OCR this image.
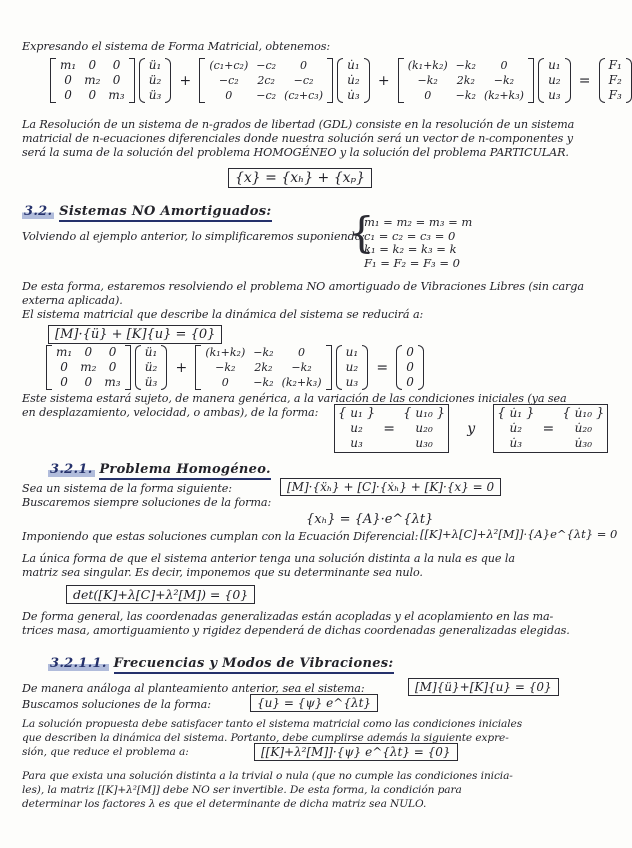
Expresando el sistema de Forma Matricial, obtenemos:
m₁	0	0
0	m₂	0
0	0	m₃

ü₁
ü₂
ü₃
+
(c₁+c₂) −c₂	0
−c₂	2c₂	−c₂
0	−c₂ (c₂+c₃)

u̇₁
u̇₂
u̇₃
+
(k₁+k₂) −k₂	0
−k₂	2k₂	−k₂
0	−k₂ (k₂+k₃)

u₁
u₂
u₃
=
F₁
F₂
F₃
La Resolución de un sistema de n-grados de libertad (GDL) consiste en la resolución de un sistema
matricial de n-ecuaciones diferenciales donde nuestra solución será un vector de n-componentes y
será la suma de la solución del problema HOMOGÉNEO y la solución del problema PARTICULAR.
{x} = {xₕ} + {xₚ}
3.2. Sistemas NO Amortiguados:
Volviendo al ejemplo anterior, lo simplificaremos suponiendo:
{
m₁ = m₂ = m₃ = m
c₁ = c₂ = c₃ = 0
k₁ = k₂ = k₃ = k
F₁ = F₂ = F₃ = 0
De esta forma, estaremos resolviendo el problema NO amortiguado de Vibraciones Libres (sin carga
externa aplicada).
El sistema matricial que describe la dinámica del sistema se reducirá a:
[M]·{ü} + [K]{u} = {0}
m₁	0	0
0	m₂	0
0	0	m₃

ü₁
ü₂
ü₃
+
(k₁+k₂) −k₂	0
−k₂	2k₂	−k₂
0	−k₂ (k₂+k₃)

u₁
u₂
u₃
=
0
0
0
Este sistema estará sujeto, de manera genérica, a la variación de las condiciones iniciales (ya sea
en desplazamiento, velocidad, o ambas), de la forma: { u₁
u₂
u₃
}
=
{ u₁₀
u₂₀
u₃₀
}
y
{ u̇₁
u̇₂
u̇₃
}
=
{ u̇₁₀
u̇₂₀
u̇₃₀
}
3.2.1. Problema Homogéneo.
Sea un sistema de la forma siguiente:	[M]·{ẍₕ} + [C]·{ẋₕ} + [K]·{x} = 0
Buscaremos siempre soluciones de la forma:
{xₕ} = {A}·e^{λt}
Imponiendo que estas soluciones cumplan con la Ecuación Diferencial: [[K]+λ[C]+λ²[M]]·{A}e^{λt} = 0
La única forma de que el sistema anterior tenga una solución distinta a la nula es que la
matriz sea singular. Es decir, imponemos que su determinante sea nulo.
det([K]+λ[C]+λ²[M]) = {0}
De forma general, las coordenadas generalizadas están acopladas y el acoplamiento en las ma-
trices masa, amortiguamiento y rigidez dependerá de dichas coordenadas generalizadas elegidas.
3.2.1.1. Frecuencias y Modos de Vibraciones:
De manera análoga al planteamiento anterior, sea el sistema:	[M]{ü}+[K]{u} = {0}
Buscamos soluciones de la forma:	{u} = {ψ} e^{λt}
La solución propuesta debe satisfacer tanto el sistema matricial como las condiciones iniciales
que describen la dinámica del sistema. Portanto, debe cumplirse además la siguiente expre-
sión, que reduce el problema a:	[[K]+λ²[M]]·{ψ} e^{λt} = {0}
Para que exista una solución distinta a la trivial o nula (que no cumple las condiciones inicia-
les), la matriz [[K]+λ²[M]] debe NO ser invertible. De esta forma, la condición para
determinar los factores λ es que el determinante de dicha matriz sea NULO.
